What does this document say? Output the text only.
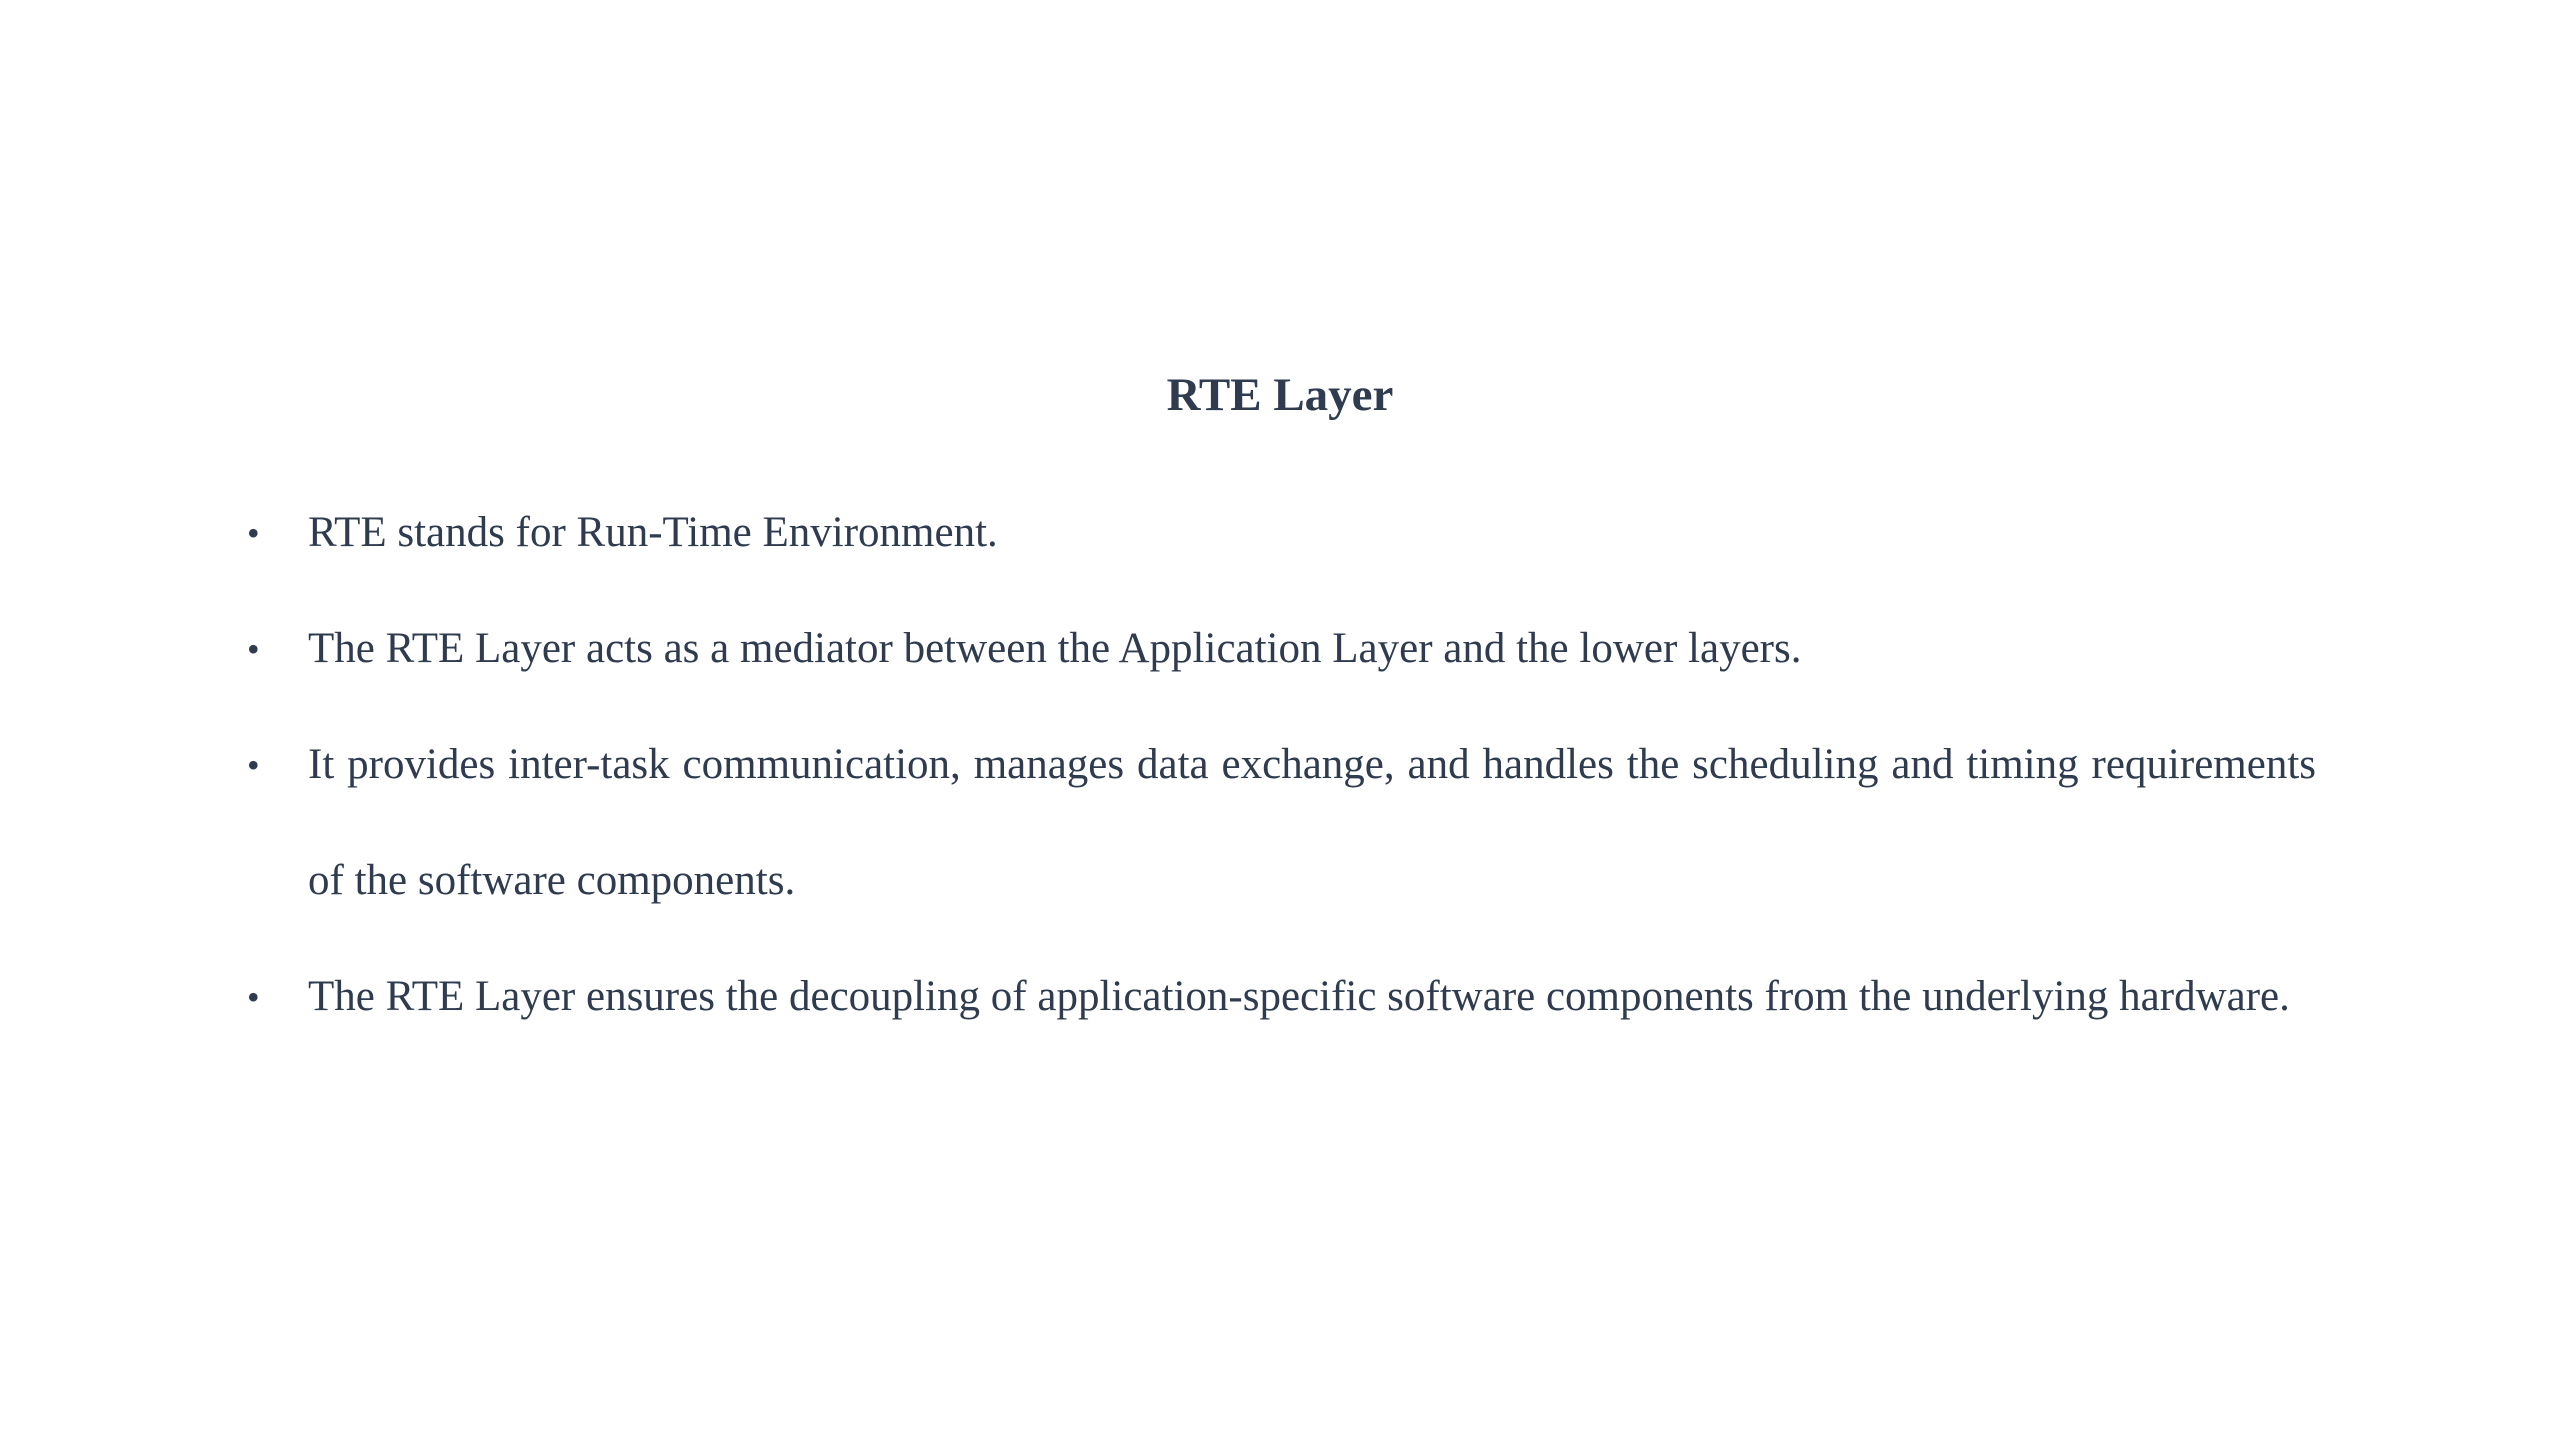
RTE Layer
• RTE stands for Run-Time Environment.
• The RTE Layer acts as a mediator between the Application Layer and the lower layers.
• It provides inter-task communication, manages data exchange, and handles the scheduling and timing requirements of the software components.
• The RTE Layer ensures the decoupling of application-specific software components from the underlying hardware.
